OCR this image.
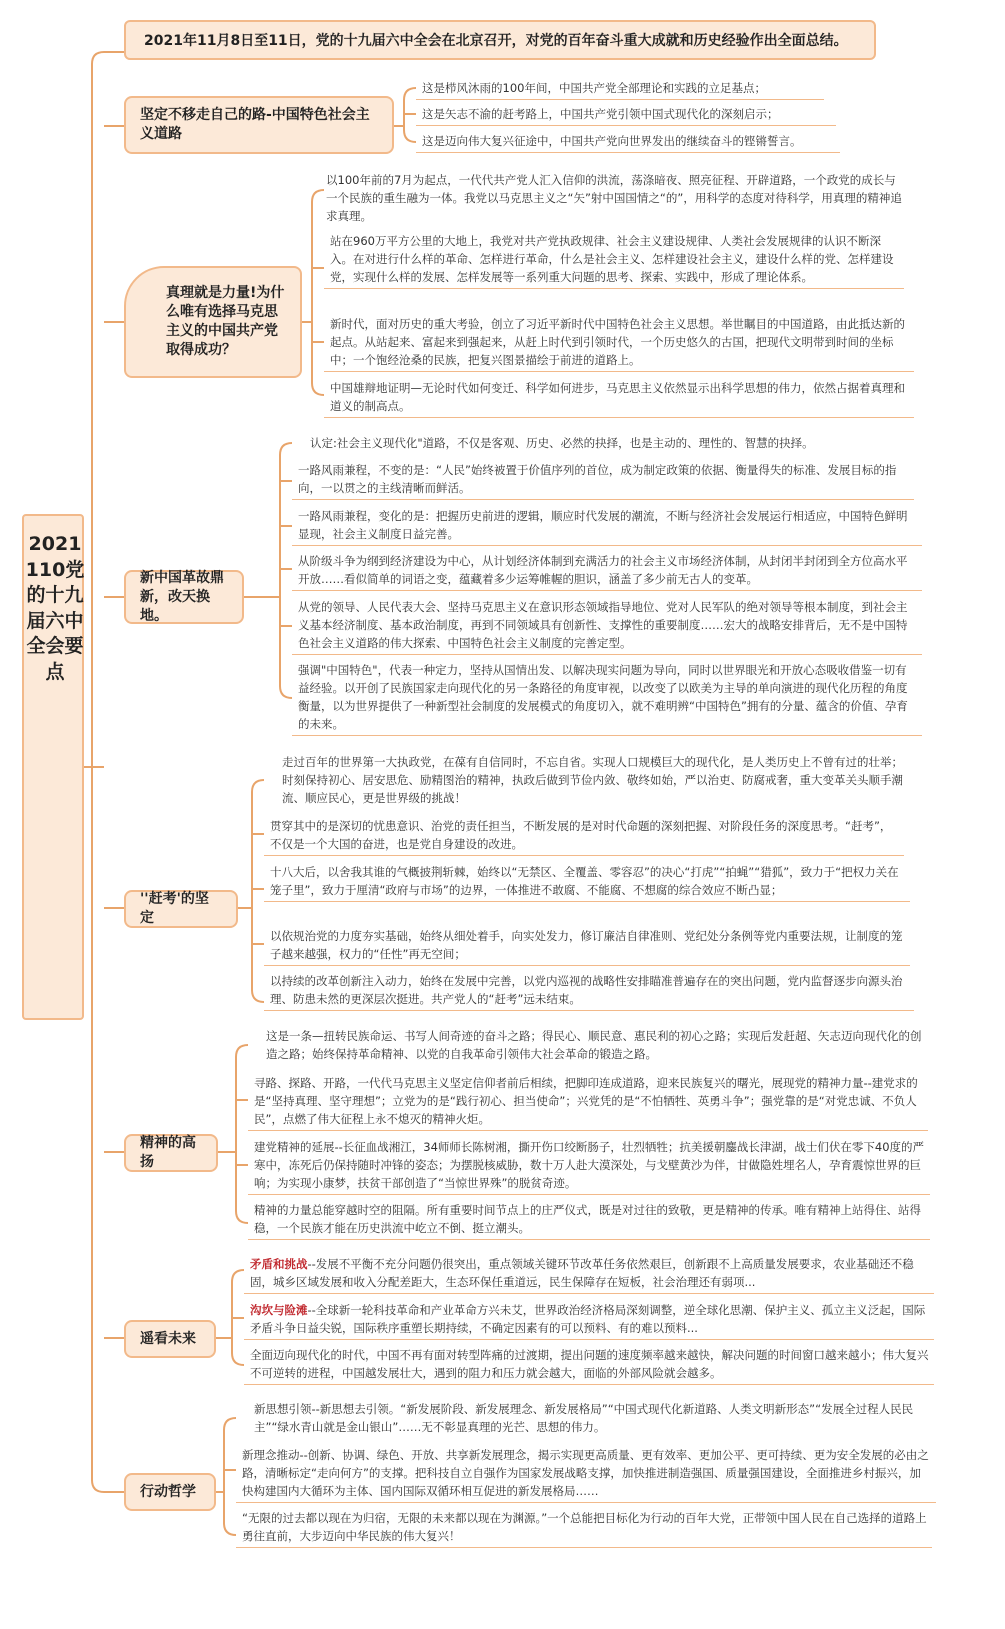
2021110党的十九届六中全会要点
2021年11月8日至11日，党的十九届六中全会在北京召开，对党的百年奋斗重大成就和历史经验作出全面总结。
坚定不移走自己的路-中国特色社会主义道路
这是栉风沐雨的100年间，中国共产党全部理论和实践的立足基点；
这是矢志不渝的赶考路上，中国共产党引领中国式现代化的深刻启示；
这是迈向伟大复兴征途中，中国共产党向世界发出的继续奋斗的铿锵誓言。
真理就是力量!为什么唯有选择马克思主义的中国共产党取得成功？
以100年前的7月为起点，一代代共产党人汇入信仰的洪流，荡涤暗夜、照亮征程、开辟道路，一个政党的成长与一个民族的重生融为一体。我党以马克思主义之“矢”射中国国情之“的”，用科学的态度对待科学，用真理的精神追求真理。
站在960万平方公里的大地上，我党对共产党执政规律、社会主义建设规律、人类社会发展规律的认识不断深入。在对进行什么样的革命、怎样进行革命，什么是社会主义、怎样建设社会主义，建设什么样的党、怎样建设党，实现什么样的发展、怎样发展等一系列重大问题的思考、探索、实践中，形成了理论体系。
新时代，面对历史的重大考验，创立了习近平新时代中国特色社会主义思想。举世瞩目的中国道路，由此抵达新的起点。从站起来、富起来到强起来，从赶上时代到引领时代，一个历史悠久的古国，把现代文明带到时间的坐标中；一个饱经沧桑的民族，把复兴图景描绘于前进的道路上。
中国雄辩地证明—无论时代如何变迁、科学如何进步，马克思主义依然显示出科学思想的伟力，依然占据着真理和道义的制高点。
新中国革故鼎新，改天换地。
认定:社会主义现代化"道路，不仅是客观、历史、必然的抉择，也是主动的、理性的、智慧的抉择。
一路风雨兼程，不变的是：“人民”始终被置于价值序列的首位，成为制定政策的依据、衡量得失的标准、发展目标的指向，一以贯之的主线清晰而鲜活。
一路风雨兼程，变化的是：把握历史前进的逻辑，顺应时代发展的潮流，不断与经济社会发展运行相适应，中国特色鲜明显现，社会主义制度日益完善。
从阶级斗争为纲到经济建设为中心，从计划经济体制到充满活力的社会主义市场经济体制，从封闭半封闭到全方位高水平开放……看似简单的词语之变，蕴藏着多少运筹帷幄的胆识，涵盖了多少前无古人的变革。
从党的领导、人民代表大会、坚持马克思主义在意识形态领域指导地位、党对人民军队的绝对领导等根本制度，到社会主义基本经济制度、基本政治制度，再到不同领域具有创新性、支撑性的重要制度……宏大的战略安排背后，无不是中国特色社会主义道路的伟大探索、中国特色社会主义制度的完善定型。
强调"中国特色"，代表一种定力，坚持从国情出发、以解决现实问题为导向，同时以世界眼光和开放心态吸收借鉴一切有益经验。以开创了民族国家走向现代化的另一条路径的角度审视，以改变了以欧美为主导的单向演进的现代化历程的角度衡量，以为世界提供了一种新型社会制度的发展模式的角度切入，就不难明辨“中国特色”拥有的分量、蕴含的价值、孕育的未来。
''赶考'的坚定
走过百年的世界第一大执政党，在葆有自信同时，不忘自省。实现人口规模巨大的现代化，是人类历史上不曾有过的壮举；时刻保持初心、居安思危、励精图治的精神，执政后做到节俭内敛、敬终如始，严以治吏、防腐戒奢，重大变革关头顺手潮流、顺应民心，更是世界级的挑战！
贯穿其中的是深切的忧患意识、治党的责任担当，不断发展的是对时代命题的深刻把握、对阶段任务的深度思考。“赶考”，不仅是一个大国的奋进，也是党自身建设的改进。
十八大后，以舍我其谁的气概披荆斩棘，始终以“无禁区、全覆盖、零容忍”的决心“打虎”“拍蝇”“猎狐”，致力于“把权力关在笼子里”，致力于厘清“政府与市场”的边界，一体推进不敢腐、不能腐、不想腐的综合效应不断凸显；
以依规治党的力度夯实基础，始终从细处着手，向实处发力，修订廉洁自律准则、党纪处分条例等党内重要法规，让制度的笼子越来越强，权力的“任性”再无空间；
以持续的改革创新注入动力，始终在发展中完善，以党内巡视的战略性安排瞄准普遍存在的突出问题，党内监督逐步向源头治理、防患未然的更深层次挺进。共产党人的“赶考”远未结束。
精神的高扬
这是一条—扭转民族命运、书写人间奇迹的奋斗之路；得民心、顺民意、惠民利的初心之路；实现后发赶超、矢志迈向现代化的创造之路；始终保持革命精神、以党的自我革命引领伟大社会革命的锻造之路。
寻路、探路、开路，一代代马克思主义坚定信仰者前后相续，把脚印连成道路，迎来民族复兴的曙光，展现党的精神力量--建党求的是“坚持真理、坚守理想”；立党为的是“践行初心、担当使命”；兴党凭的是“不怕牺牲、英勇斗争”；强党靠的是“对党忠诚、不负人民”，点燃了伟大征程上永不熄灭的精神火炬。
建党精神的延展--长征血战湘江，34师师长陈树湘，撕开伤口绞断肠子，壮烈牺牲；抗美援朝鏖战长津湖，战士们伏在零下40度的严寒中，冻死后仍保持随时冲锋的姿态；为摆脱核威胁，数十万人赴大漠深处，与戈壁黄沙为伴，甘做隐姓埋名人，孕育震惊世界的巨响；为实现小康梦，扶贫干部创造了“当惊世界殊”的脱贫奇迹。
精神的力量总能穿越时空的阻隔。所有重要时间节点上的庄严仪式，既是对过往的致敬，更是精神的传承。唯有精神上站得住、站得稳，一个民族才能在历史洪流中屹立不倒、挺立潮头。
遥看未来
矛盾和挑战--发展不平衡不充分问题仍很突出，重点领域关键环节改革任务依然艰巨，创新跟不上高质量发展要求，农业基础还不稳固，城乡区域发展和收入分配差距大，生态环保任重道远，民生保障存在短板，社会治理还有弱项...
沟坎与险滩--全球新一轮科技革命和产业革命方兴未艾，世界政治经济格局深刻调整，逆全球化思潮、保护主义、孤立主义泛起，国际矛盾斗争日益尖锐，国际秩序重塑长期持续，不确定因素有的可以预料、有的难以预料...
全面迈向现代化的时代，中国不再有面对转型阵痛的过渡期，提出问题的速度频率越来越快，解决问题的时间窗口越来越小；伟大复兴不可逆转的进程，中国越发展壮大，遇到的阻力和压力就会越大，面临的外部风险就会越多。
行动哲学
新思想引领--新思想去引领。“新发展阶段、新发展理念、新发展格局”“中国式现代化新道路、人类文明新形态”“发展全过程人民民主”“绿水青山就是金山银山”……无不彰显真理的光芒、思想的伟力。
新理念推动--创新、协调、绿色、开放、共享新发展理念，揭示实现更高质量、更有效率、更加公平、更可持续、更为安全发展的必由之路，清晰标定“走向何方”的支撑。把科技自立自强作为国家发展战略支撑，加快推进制造强国、质量强国建设，全面推进乡村振兴，加快构建国内大循环为主体、国内国际双循环相互促进的新发展格局……
“无限的过去都以现在为归宿，无限的未来都以现在为渊源。”一个总能把目标化为行动的百年大党，正带领中国人民在自己选择的道路上勇往直前，大步迈向中华民族的伟大复兴！
